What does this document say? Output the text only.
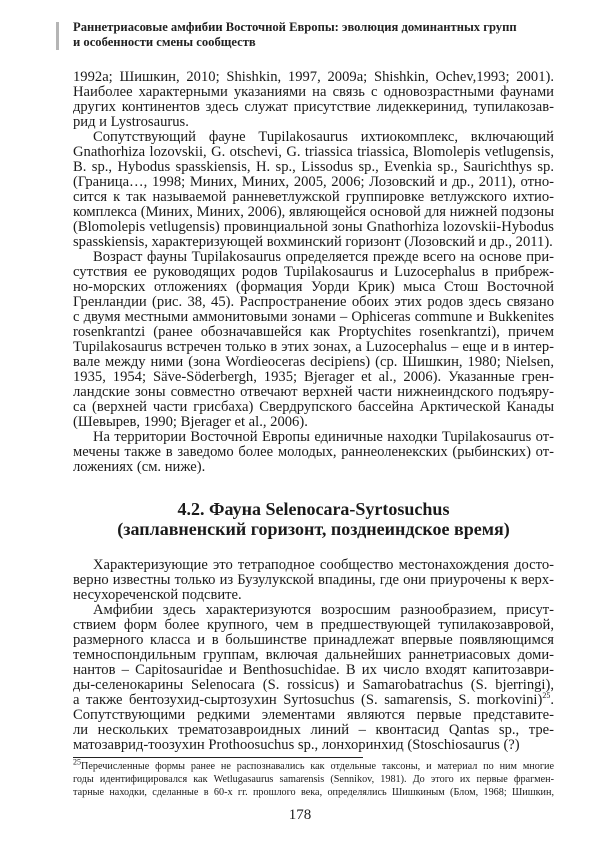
Раннетриасовые амфибии Восточной Европы: эволюция доминантных групп
и особенности смены сообществ
1992a; Шишкин, 2010; Shishkin, 1997, 2009a; Shishkin, Ochev,1993; 2001).
Наиболее характерными указаниями на связь с одновозрастными фаунами
других континентов здесь служат присутствие лидеккеринид, тупилакозав-
рид и Lystrosaurus.
Сопутствующий фауне Tupilakosaurus ихтиокомплекс, включающий
Gnathorhiza lozovskii, G. otschevi, G. triassica triassica, Blomolepis vetlugensis,
B. sp., Hybodus spasskiensis, H. sp., Lissodus sp., Evenkia sp., Saurichthys sp.
(Граница…, 1998; Миних, Миних, 2005, 2006; Лозовский и др., 2011), отно-
сится к так называемой ранневетлужской группировке ветлужского ихтио-
комплекса (Миних, Миних, 2006), являющейся основой для нижней подзоны
(Blomolepis vetlugensis) провинциальной зоны Gnathorhiza lozovskii-Hybodus
spasskiensis, характеризующей вохминский горизонт (Лозовский и др., 2011).
Возраст фауны Tupilakosaurus определяется прежде всего на основе при-
сутствия ее руководящих родов Tupilakosaurus и Luzocephalus в прибреж-
но-морских отложениях (формация Уорди Крик) мыса Стош Восточной
Гренландии (рис. 38, 45). Распространение обоих этих родов здесь связано
с двумя местными аммонитовыми зонами – Ophiceras commune и Bukkenites
rosenkrantzi (ранее обозначавшейся как Proptychites rosenkrantzi), причем
Tupilakosaurus встречен только в этих зонах, а Luzocephalus – еще и в интер-
вале между ними (зона Wordieoceras decipiens) (ср. Шишкин, 1980; Nielsen,
1935, 1954; Säve-Söderbergh, 1935; Bjerager et al., 2006). Указанные грен-
ландские зоны совместно отвечают верхней части нижнеиндского подъяру-
са (верхней части грисбаха) Свердрупского бассейна Арктической Канады
(Шевырев, 1990; Bjerager et al., 2006).
На территории Восточной Европы единичные находки Tupilakosaurus от-
мечены также в заведомо более молодых, раннеоленекских (рыбинских) от-
ложениях (см. ниже).
4.2. Фауна Selenocara-Syrtosuchus
(заплавненский горизонт, позднеиндское время)
Характеризующие это тетраподное сообщество местонахождения досто-
верно известны только из Бузулукской впадины, где они приурочены к верх-
несухореченской подсвите.
Амфибии здесь характеризуются возросшим разнообразием, присут-
ствием форм более крупного, чем в предшествующей тупилакозавровой,
размерного класса и в большинстве принадлежат впервые появляющимся
темноспондильным группам, включая дальнейших раннетриасовых доми-
нантов – Capitosauridae и Benthosuchidae. В их число входят капитозаври-
ды-селенокарины Selenocara (S. rossicus) и Samarobatrachus (S. bjerringi),
а также бентозухид-сыртозухин Syrtosuchus (S. samarensis, S. morkovini)$^{25}$.
Сопутствующими редкими элементами являются первые представите-
ли нескольких трематозавроидных линий – квонтасид Qantas sp., тре-
матозаврид-тоозухин Prothoosuchus sp., лонхоринхид (Stoschiosaurus (?)
$^{25}$Перечисленные формы ранее не распознавались как отдельные таксоны, и материал по ним многие
годы идентифицировался как Wetlugasaurus samarensis (Sennikov, 1981). До этого их первые фрагмен-
тарные находки, сделанные в 60-х гг. прошлого века, определялись Шишкиным (Блом, 1968; Шишкин,
178
